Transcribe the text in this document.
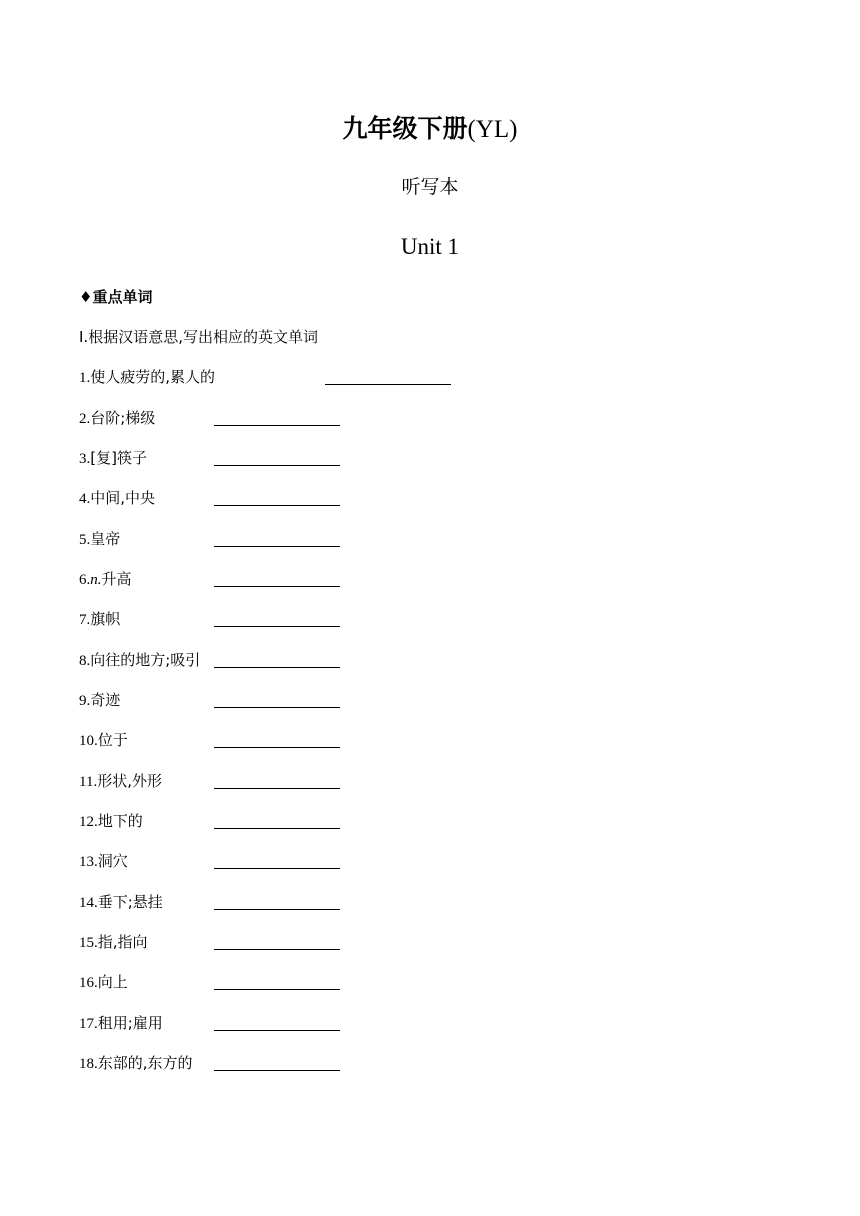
九年级下册(YL)
听写本
Unit 1
♦重点单词
Ⅰ.根据汉语意思,写出相应的英文单词
1.使人疲劳的,累人的
2.台阶;梯级
3.[复]筷子
4.中间,中央
5.皇帝
6.n.升高
7.旗帜
8.向往的地方;吸引
9.奇迹
10.位于
11.形状,外形
12.地下的
13.洞穴
14.垂下;悬挂
15.指,指向
16.向上
17.租用;雇用
18.东部的,东方的
